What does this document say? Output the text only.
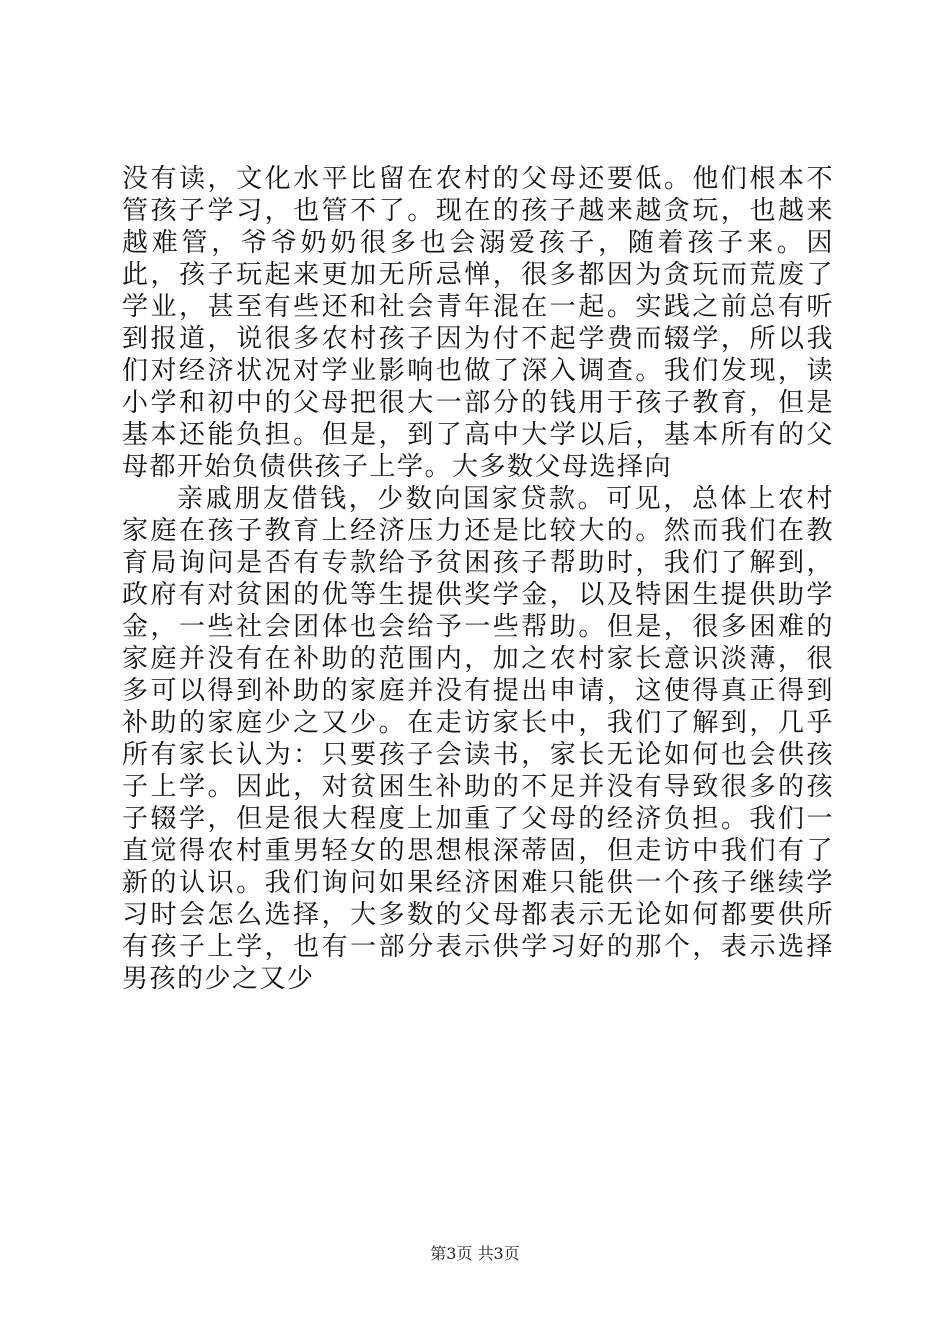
没有读，文化水平比留在农村的父母还要低。他们根本不管孩子学习，也管不了。现在的孩子越来越贪玩，也越来越难管，爷爷奶奶很多也会溺爱孩子，随着孩子来。因此，孩子玩起来更加无所忌惮，很多都因为贪玩而荒废了学业，甚至有些还和社会青年混在一起。实践之前总有听到报道，说很多农村孩子因为付不起学费而辍学，所以我们对经济状况对学业影响也做了深入调查。我们发现，读小学和初中的父母把很大一部分的钱用于孩子教育，但是基本还能负担。但是，到了高中大学以后，基本所有的父母都开始负债供孩子上学。大多数父母选择向

亲戚朋友借钱，少数向国家贷款。可见，总体上农村家庭在孩子教育上经济压力还是比较大的。然而我们在教育局询问是否有专款给予贫困孩子帮助时，我们了解到，政府有对贫困的优等生提供奖学金，以及特困生提供助学金，一些社会团体也会给予一些帮助。但是，很多困难的家庭并没有在补助的范围内，加之农村家长意识淡薄，很多可以得到补助的家庭并没有提出申请，这使得真正得到补助的家庭少之又少。在走访家长中，我们了解到，几乎所有家长认为：只要孩子会读书，家长无论如何也会供孩子上学。因此，对贫困生补助的不足并没有导致很多的孩子辍学，但是很大程度上加重了父母的经济负担。我们一直觉得农村重男轻女的思想根深蒂固，但走访中我们有了新的认识。我们询问如果经济困难只能供一个孩子继续学习时会怎么选择，大多数的父母都表示无论如何都要供所有孩子上学，也有一部分表示供学习好的那个，表示选择男孩的少之又少

第3页 共3页
